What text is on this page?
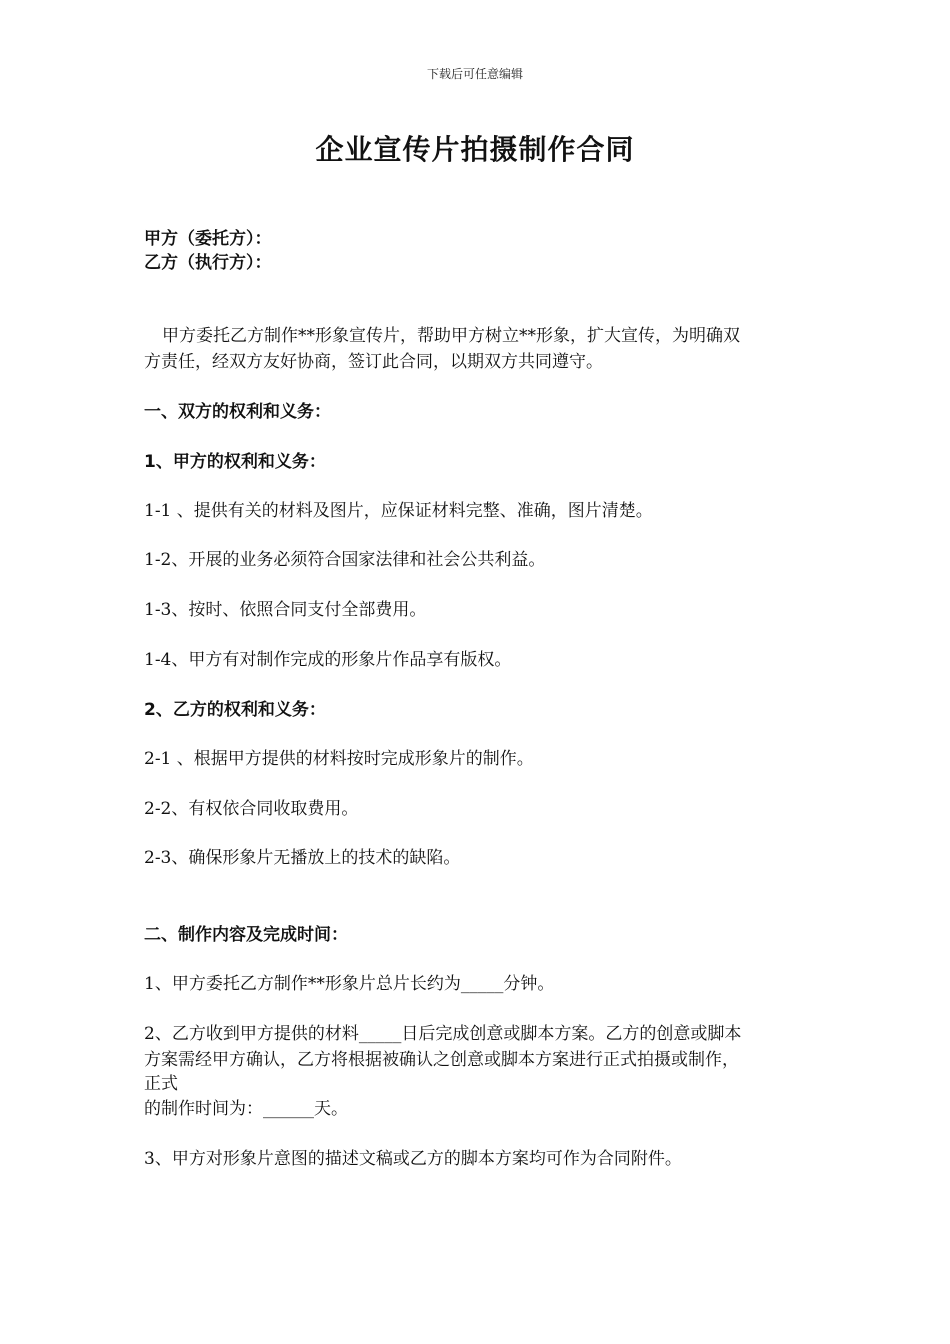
下载后可任意编辑
企业宣传片拍摄制作合同
甲方（委托方）：
乙方（执行方）：
甲方委托乙方制作**形象宣传片，帮助甲方树立**形象，扩大宣传，为明确双
方责任，经双方友好协商，签订此合同，以期双方共同遵守。
一、双方的权利和义务：
1、甲方的权利和义务：
1-1 、提供有关的材料及图片，应保证材料完整、准确，图片清楚。
1-2、开展的业务必须符合国家法律和社会公共利益。
1-3、按时、依照合同支付全部费用。
1-4、甲方有对制作完成的形象片作品享有版权。
2、乙方的权利和义务：
2-1 、根据甲方提供的材料按时完成形象片的制作。
2-2、有权依合同收取费用。
2-3、确保形象片无播放上的技术的缺陷。
二、制作内容及完成时间：
1、甲方委托乙方制作**形象片总片长约为_____分钟。
2、乙方收到甲方提供的材料_____日后完成创意或脚本方案。乙方的创意或脚本
方案需经甲方确认，乙方将根据被确认之创意或脚本方案进行正式拍摄或制作，
正式
的制作时间为：______天。
3、甲方对形象片意图的描述文稿或乙方的脚本方案均可作为合同附件。
